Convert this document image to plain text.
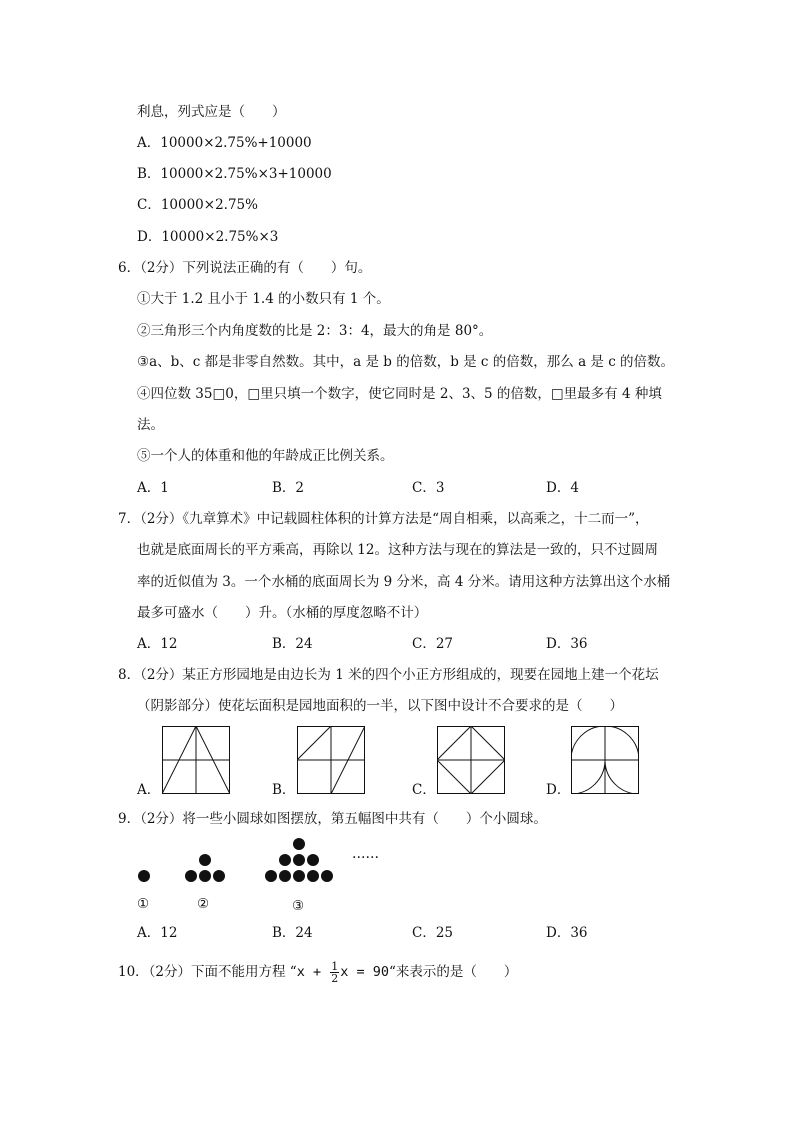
利息，列式应是（　　）
A．10000×2.75%+10000
B．10000×2.75%×3+10000
C．10000×2.75%
D．10000×2.75%×3
6．（2分）下列说法正确的有（　　）句。
①大于 1.2 且小于 1.4 的小数只有 1 个。
②三角形三个内角度数的比是 2：3：4，最大的角是 80°。
③a、b、c 都是非零自然数。其中，a 是 b 的倍数，b 是 c 的倍数，那么 a 是 c 的倍数。
④四位数 35□0，□里只填一个数字，使它同时是 2、3、5 的倍数，□里最多有 4 种填
法。
⑤一个人的体重和他的年龄成正比例关系。
A．1	B．2	C．3	D．4
7．（2分）《九章算术》中记载圆柱体积的计算方法是“周自相乘，以高乘之，十二而一”，
也就是底面周长的平方乘高，再除以 12。这种方法与现在的算法是一致的，只不过圆周
率的近似值为 3。一个水桶的底面周长为 9 分米，高 4 分米。请用这种方法算出这个水桶
最多可盛水（　　）升。（水桶的厚度忽略不计）
A．12	B．24	C．27	D．36
8．（2分）某正方形园地是由边长为 1 米的四个小正方形组成的，现要在园地上建一个花坛
（阴影部分）使花坛面积是园地面积的一半，以下图中设计不合要求的是（　　）
A．	B．	C．	D．
9．（2分）将一些小圆球如图摆放，第五幅图中共有（　　）个小圆球。
……
①	②	③
A．12	B．24	C．25	D．36
10．（2分）下面不能用方程 “$x + \frac{1}{2}$ x = 90“来表示的是（　　）
